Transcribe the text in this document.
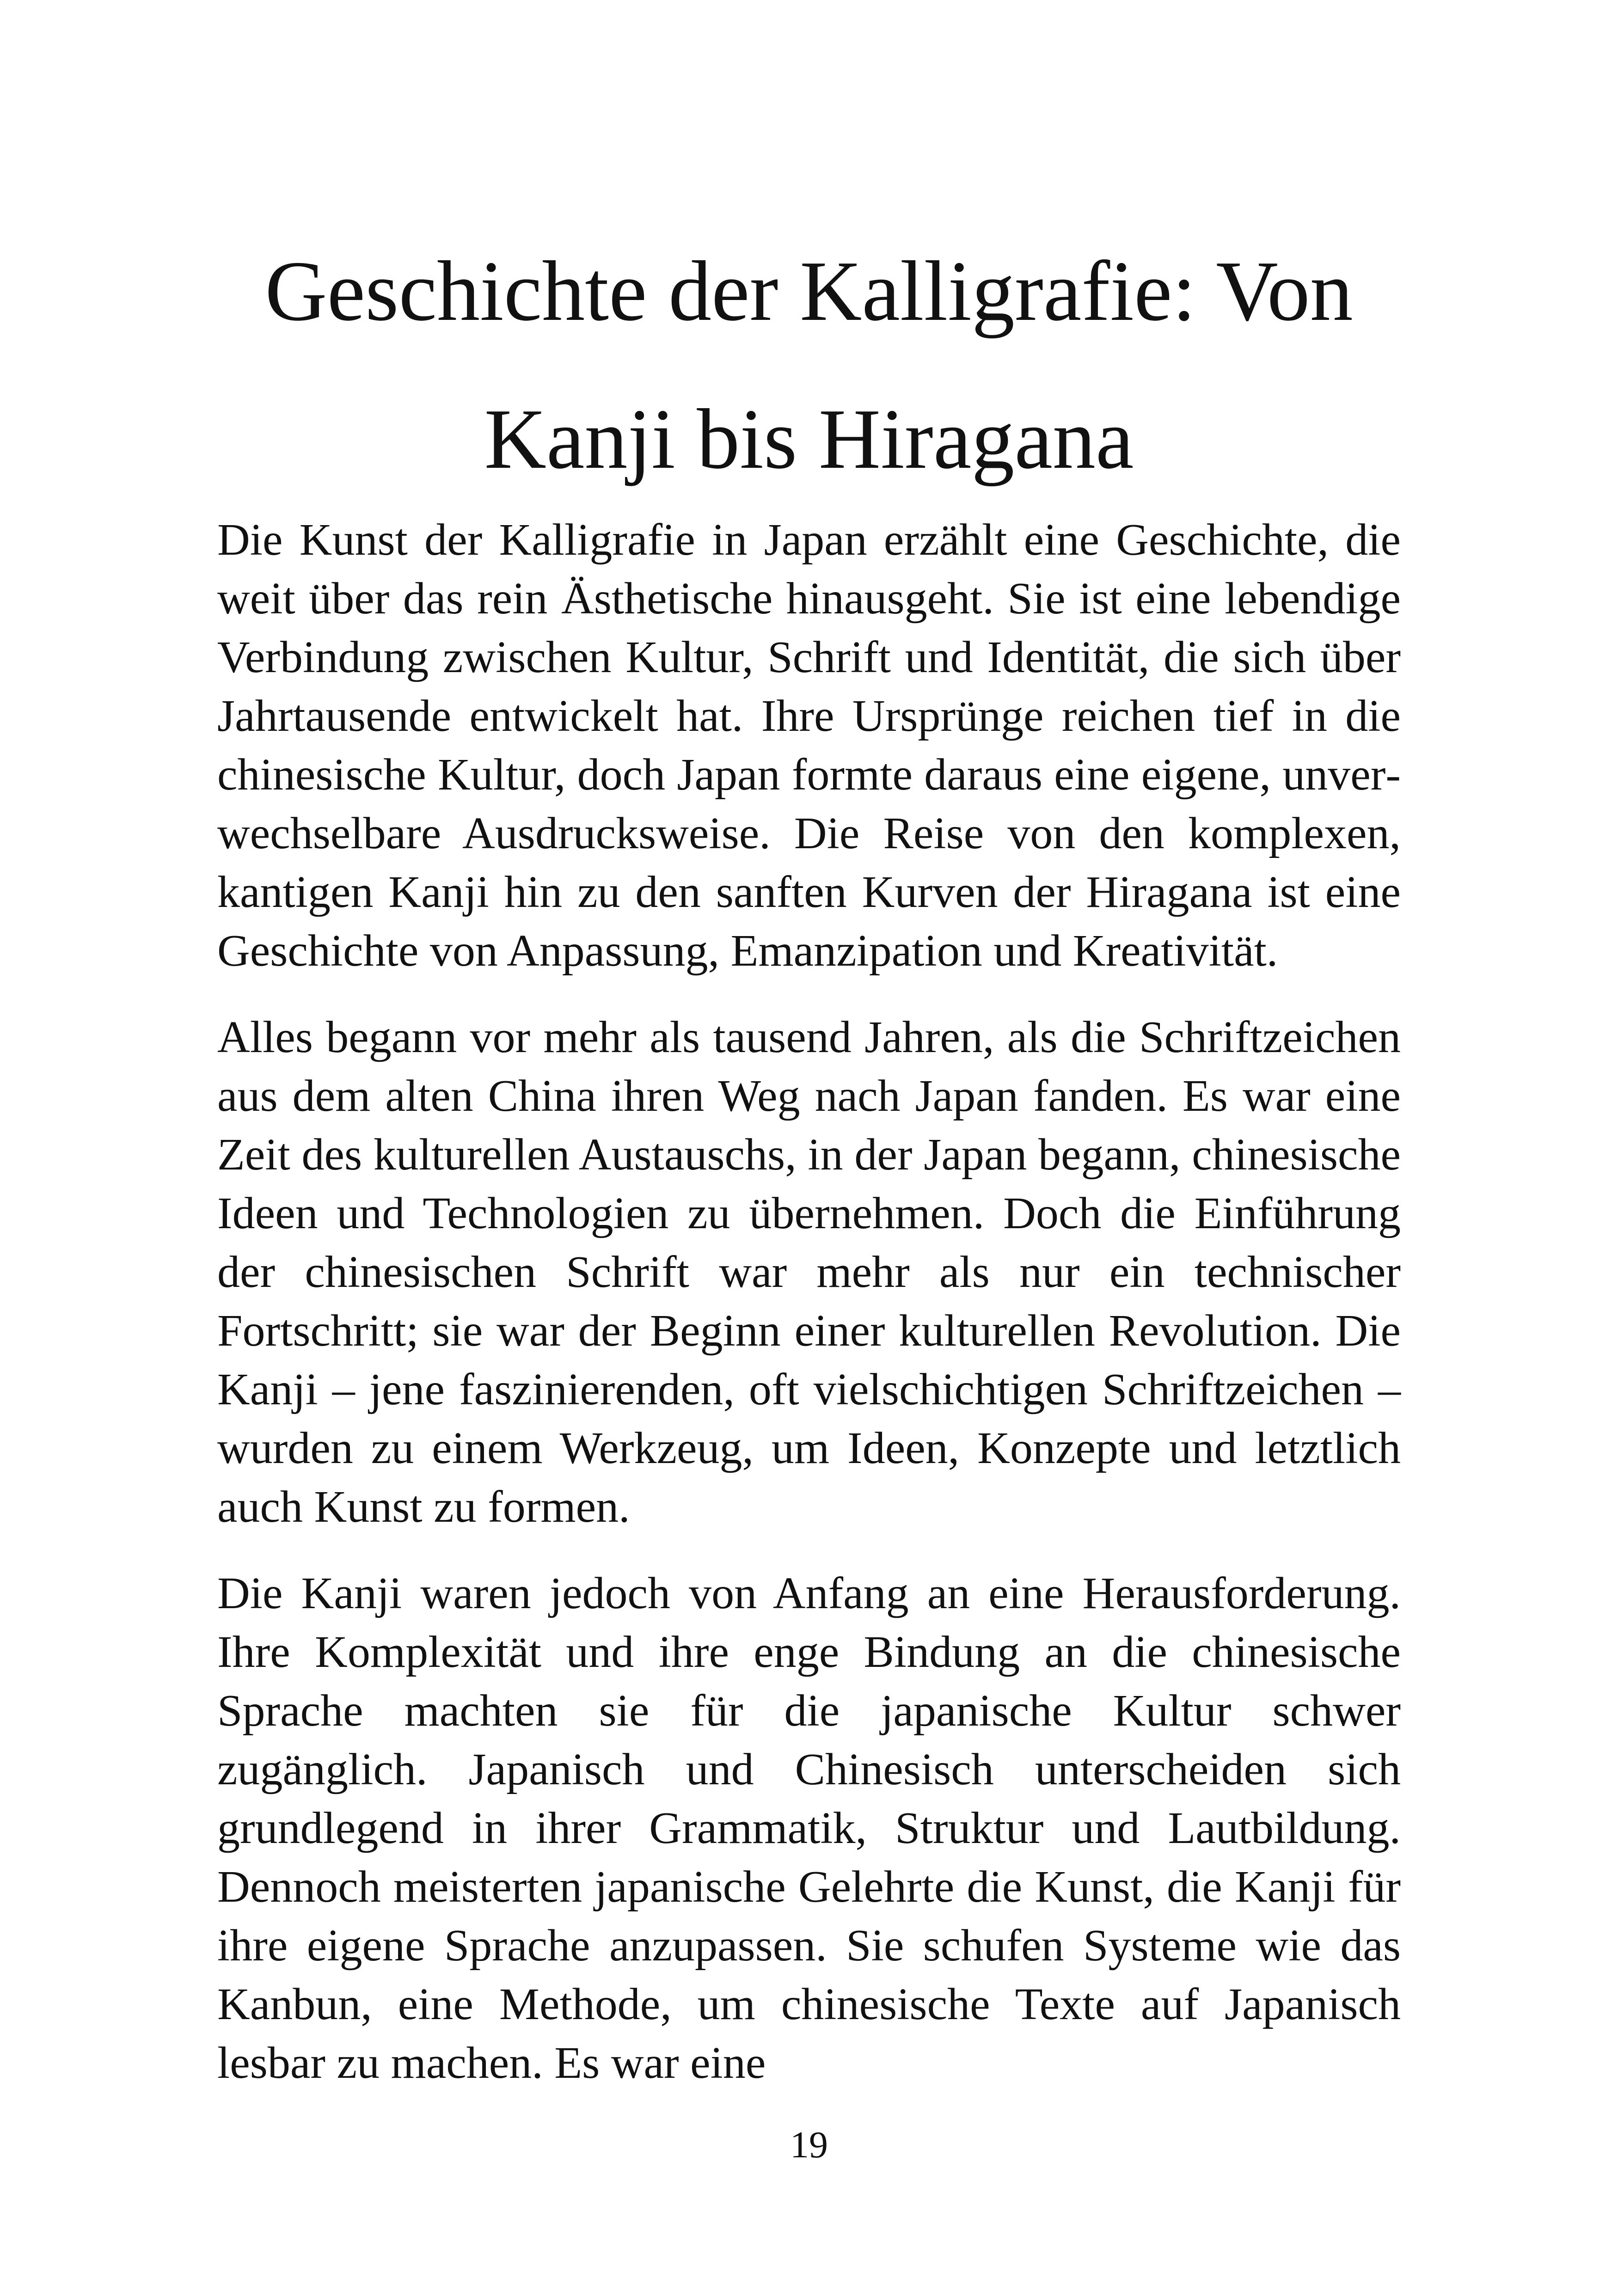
Geschichte der Kalligrafie: Von Kanji bis Hiragana

Die Kunst der Kalligrafie in Japan erzählt eine Geschichte, die weit über das rein Ästhetische hinausgeht. Sie ist eine lebendige Verbindung zwischen Kultur, Schrift und Identität, die sich über Jahrtausende entwickelt hat. Ihre Ursprünge reichen tief in die chinesische Kultur, doch Japan formte daraus eine eigene, unverwechselbare Ausdrucksweise. Die Reise von den komplexen, kantigen Kanji hin zu den sanften Kurven der Hiragana ist eine Geschichte von Anpassung, Emanzipation und Kreativität.

Alles begann vor mehr als tausend Jahren, als die Schriftzeichen aus dem alten China ihren Weg nach Japan fanden. Es war eine Zeit des kulturellen Austauschs, in der Japan begann, chinesische Ideen und Technologien zu übernehmen. Doch die Einführung der chinesischen Schrift war mehr als nur ein technischer Fortschritt; sie war der Beginn einer kulturellen Revolution. Die Kanji – jene faszinierenden, oft vielschichtigen Schriftzeichen – wurden zu einem Werkzeug, um Ideen, Konzepte und letztlich auch Kunst zu formen.

Die Kanji waren jedoch von Anfang an eine Herausforderung. Ihre Komplexität und ihre enge Bindung an die chinesische Sprache machten sie für die japanische Kultur schwer zugänglich. Japanisch und Chinesisch unterscheiden sich grundlegend in ihrer Grammatik, Struktur und Lautbildung. Dennoch meisterten japanische Gelehrte die Kunst, die Kanji für ihre eigene Sprache anzupassen. Sie schufen Systeme wie das Kanbun, eine Methode, um chinesische Texte auf Japanisch lesbar zu machen. Es war eine

19
